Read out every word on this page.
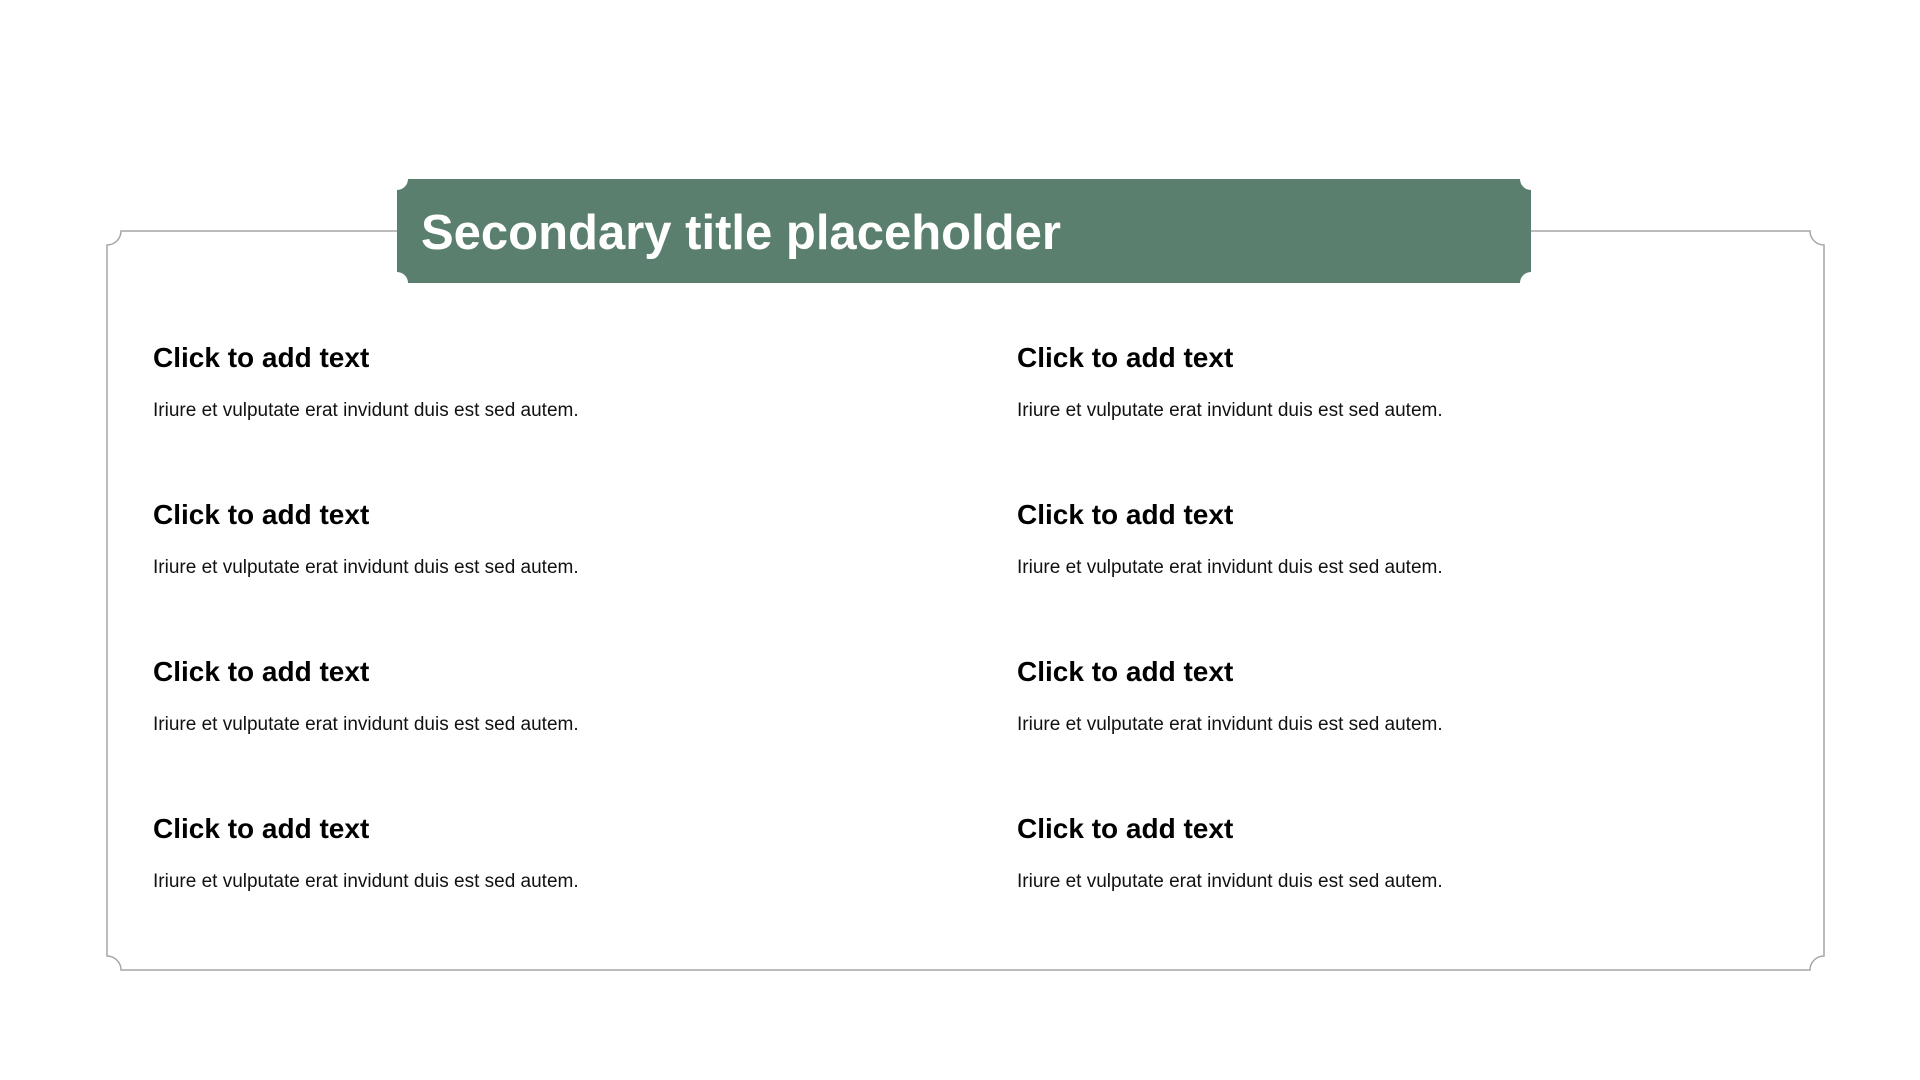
Secondary title placeholder
Click to add text
Iriure et vulputate erat invidunt duis est sed autem.
Click to add text
Iriure et vulputate erat invidunt duis est sed autem.
Click to add text
Iriure et vulputate erat invidunt duis est sed autem.
Click to add text
Iriure et vulputate erat invidunt duis est sed autem.
Click to add text
Iriure et vulputate erat invidunt duis est sed autem.
Click to add text
Iriure et vulputate erat invidunt duis est sed autem.
Click to add text
Iriure et vulputate erat invidunt duis est sed autem.
Click to add text
Iriure et vulputate erat invidunt duis est sed autem.
